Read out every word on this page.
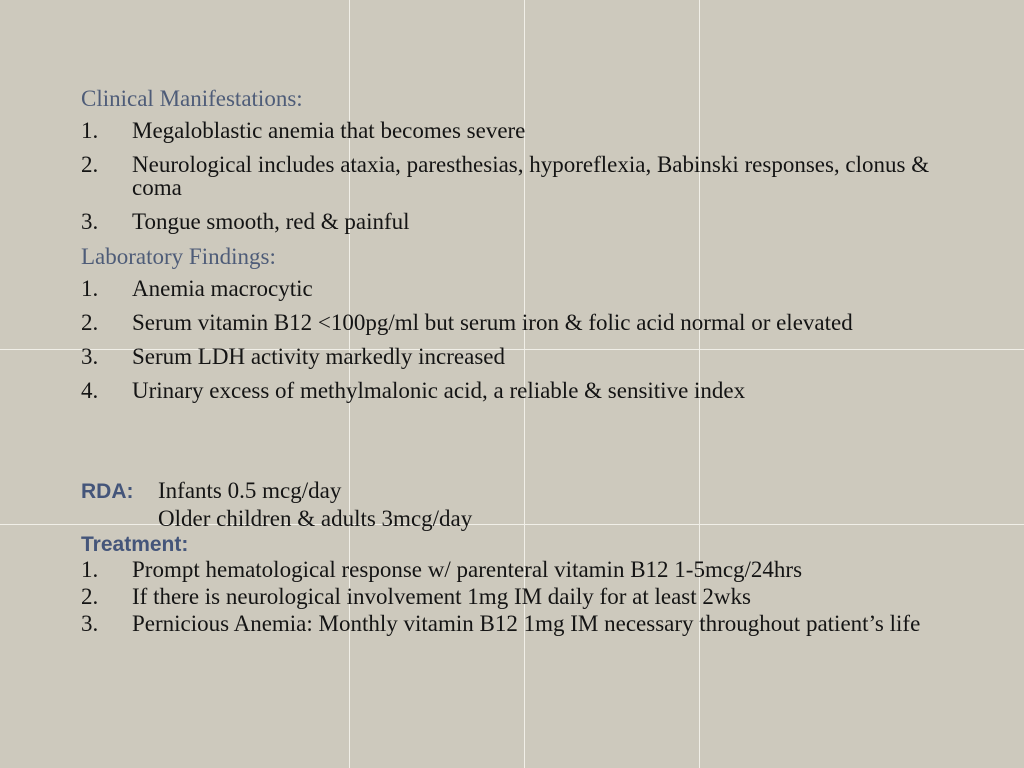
Clinical Manifestations:
1.	Megaloblastic anemia that becomes severe
2.	Neurological includes ataxia, paresthesias, hyporeflexia, Babinski responses, clonus & coma
3.	Tongue smooth, red & painful
Laboratory Findings:
1.	Anemia macrocytic
2.	Serum vitamin B12 <100pg/ml but serum iron & folic acid normal or elevated
3.	Serum LDH activity markedly increased
4.	Urinary excess of methylmalonic acid, a reliable & sensitive index
RDA:	Infants 0.5 mcg/day
Older children & adults 3mcg/day
Treatment:
1.	Prompt hematological response w/ parenteral vitamin B12 1-5mcg/24hrs
2.	If there is neurological involvement 1mg IM daily for at least 2wks
3.	Pernicious Anemia: Monthly vitamin B12 1mg IM necessary throughout patient’s life
